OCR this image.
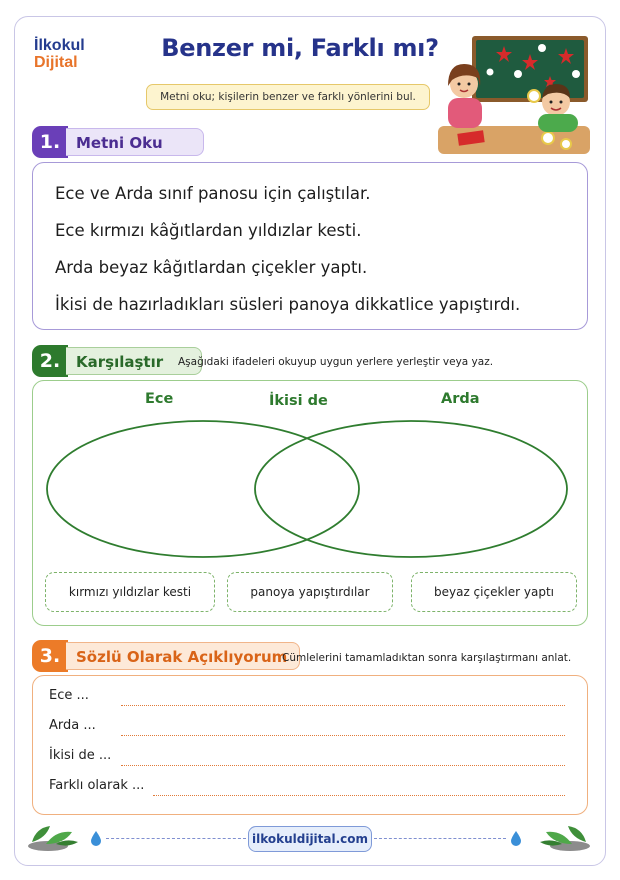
İlkokul
Dijital
Benzer mi, Farklı mı?
Metni oku; kişilerin benzer ve farklı yönlerini bul.
1.	Metni Oku

Ece ve Arda sınıf panosu için çalıştılar.

Ece kırmızı kâğıtlardan yıldızlar kesti.

Arda beyaz kâğıtlardan çiçekler yaptı.

İkisi de hazırladıkları süsleri panoya dikkatlice yapıştırdı.

2.	Karşılaştır	Aşağıdaki ifadeleri okuyup uygun yerlere yerleştir veya yaz.
Ece	İkisi de	Arda
kırmızı yıldızlar kesti	panoya yapıştırdılar	beyaz çiçekler yaptı
3.	Sözlü Olarak Açıklıyorum
Cümlelerini tamamladıktan sonra karşılaştırmanı anlat.
Ece ...
Arda ...
İkisi de ...
Farklı olarak ...
ilkokuldijital.com
